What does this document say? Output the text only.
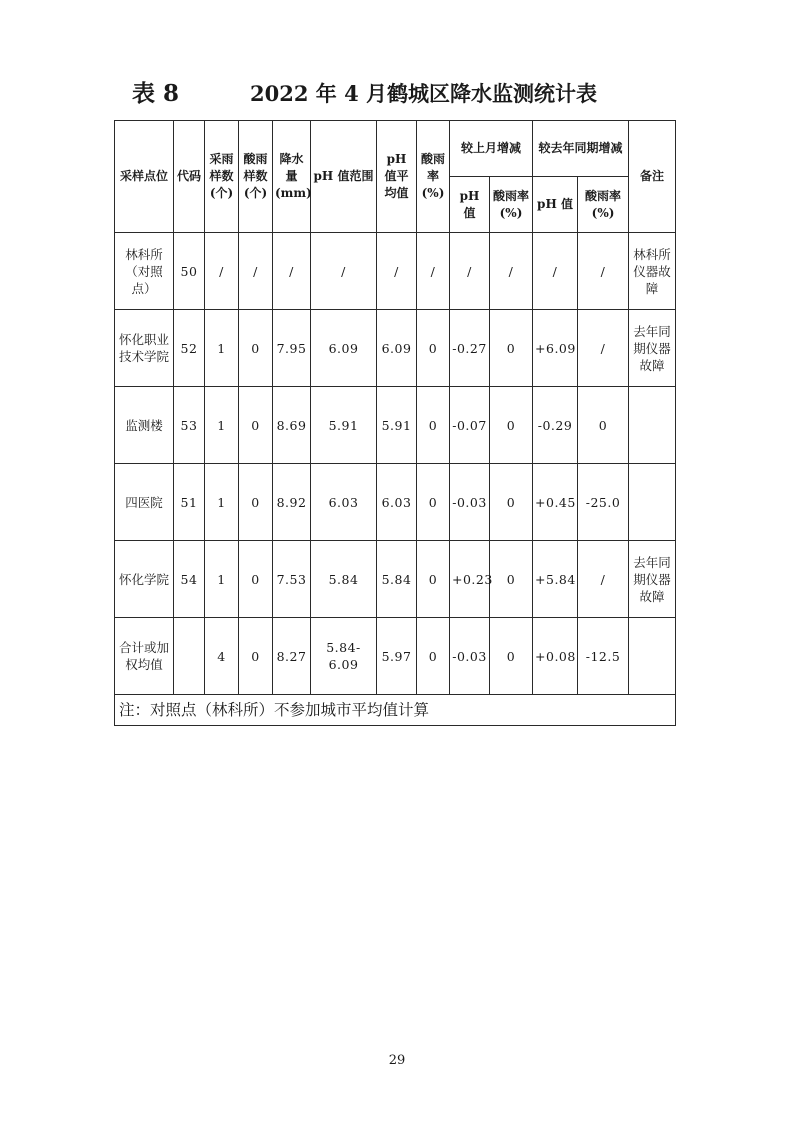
表 8	2022 年 4 月鹤城区降水监测统计表
采样点位	代码	采雨样数(个)	酸雨样数(个)	降水量(mm)	pH 值范围	pH 值平均值	酸雨率(%)	较上月增减		较去年同期增减		备注
								pH 值	酸雨率(%)	pH 值	酸雨率(%)	
林科所（对照点）	50	/	/	/	/	/	/	/	/	/	/	林科所仪器故障
怀化职业技术学院	52	1	0	7.95	6.09	6.09	0	-0.27	0	+6.09	/	去年同期仪器故障
监测楼	53	1	0	8.69	5.91	5.91	0	-0.07	0	-0.29	0	
四医院	51	1	0	8.92	6.03	6.03	0	-0.03	0	+0.45	-25.0	
怀化学院	54	1	0	7.53	5.84	5.84	0	+0.23	0	+5.84	/	去年同期仪器故障
合计或加权均值		4	0	8.27	5.84-6.09	5.97	0	-0.03	0	+0.08	-12.5	
注：对照点（林科所）不参加城市平均值计算												
29
